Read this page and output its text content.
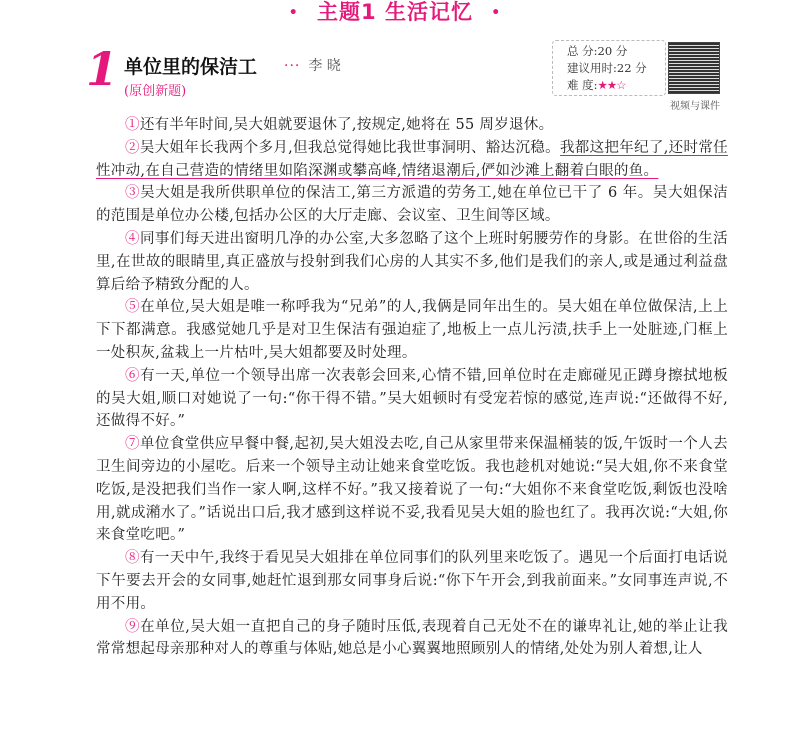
• 主题1 生活记忆 •
1 单位里的保洁工 ··· 李 晓
(原创新题)
总 分:20 分
建议用时:22 分
难 度:★★☆
视频与课件

①还有半年时间,吴大姐就要退休了,按规定,她将在 55 周岁退休。

②吴大姐年长我两个多月,但我总觉得她比我世事洞明、豁达沉稳。我都这把年纪了,还时常任性冲动,在自己营造的情绪里如陷深渊或攀高峰,情绪退潮后,俨如沙滩上翻着白眼的鱼。

③吴大姐是我所供职单位的保洁工,第三方派遣的劳务工,她在单位已干了 6 年。吴大姐保洁的范围是单位办公楼,包括办公区的大厅走廊、会议室、卫生间等区域。

④同事们每天进出窗明几净的办公室,大多忽略了这个上班时躬腰劳作的身影。在世俗的生活里,在世故的眼睛里,真正盛放与投射到我们心房的人其实不多,他们是我们的亲人,或是通过利益盘算后给予精致分配的人。

⑤在单位,吴大姐是唯一称呼我为“兄弟”的人,我俩是同年出生的。吴大姐在单位做保洁,上上下下都满意。我感觉她几乎是对卫生保洁有强迫症了,地板上一点儿污渍,扶手上一处脏迹,门框上一处积灰,盆栽上一片枯叶,吴大姐都要及时处理。

⑥有一天,单位一个领导出席一次表彰会回来,心情不错,回单位时在走廊碰见正蹲身擦拭地板的吴大姐,顺口对她说了一句:“你干得不错。”吴大姐顿时有受宠若惊的感觉,连声说:“还做得不好,还做得不好。”

⑦单位食堂供应早餐中餐,起初,吴大姐没去吃,自己从家里带来保温桶装的饭,午饭时一个人去卫生间旁边的小屋吃。后来一个领导主动让她来食堂吃饭。我也趁机对她说:“吴大姐,你不来食堂吃饭,是没把我们当作一家人啊,这样不好。”我又接着说了一句:“大姐你不来食堂吃饭,剩饭也没啥用,就成潲水了。”话说出口后,我才感到这样说不妥,我看见吴大姐的脸也红了。我再次说:“大姐,你来食堂吃吧。”

⑧有一天中午,我终于看见吴大姐排在单位同事们的队列里来吃饭了。遇见一个后面打电话说下午要去开会的女同事,她赶忙退到那女同事身后说:“你下午开会,到我前面来。”女同事连声说,不用不用。

⑨在单位,吴大姐一直把自己的身子随时压低,表现着自己无处不在的谦卑礼让,她的举止让我常常想起母亲那种对人的尊重与体贴,她总是小心翼翼地照顾别人的情绪,处处为别人着想,让人
